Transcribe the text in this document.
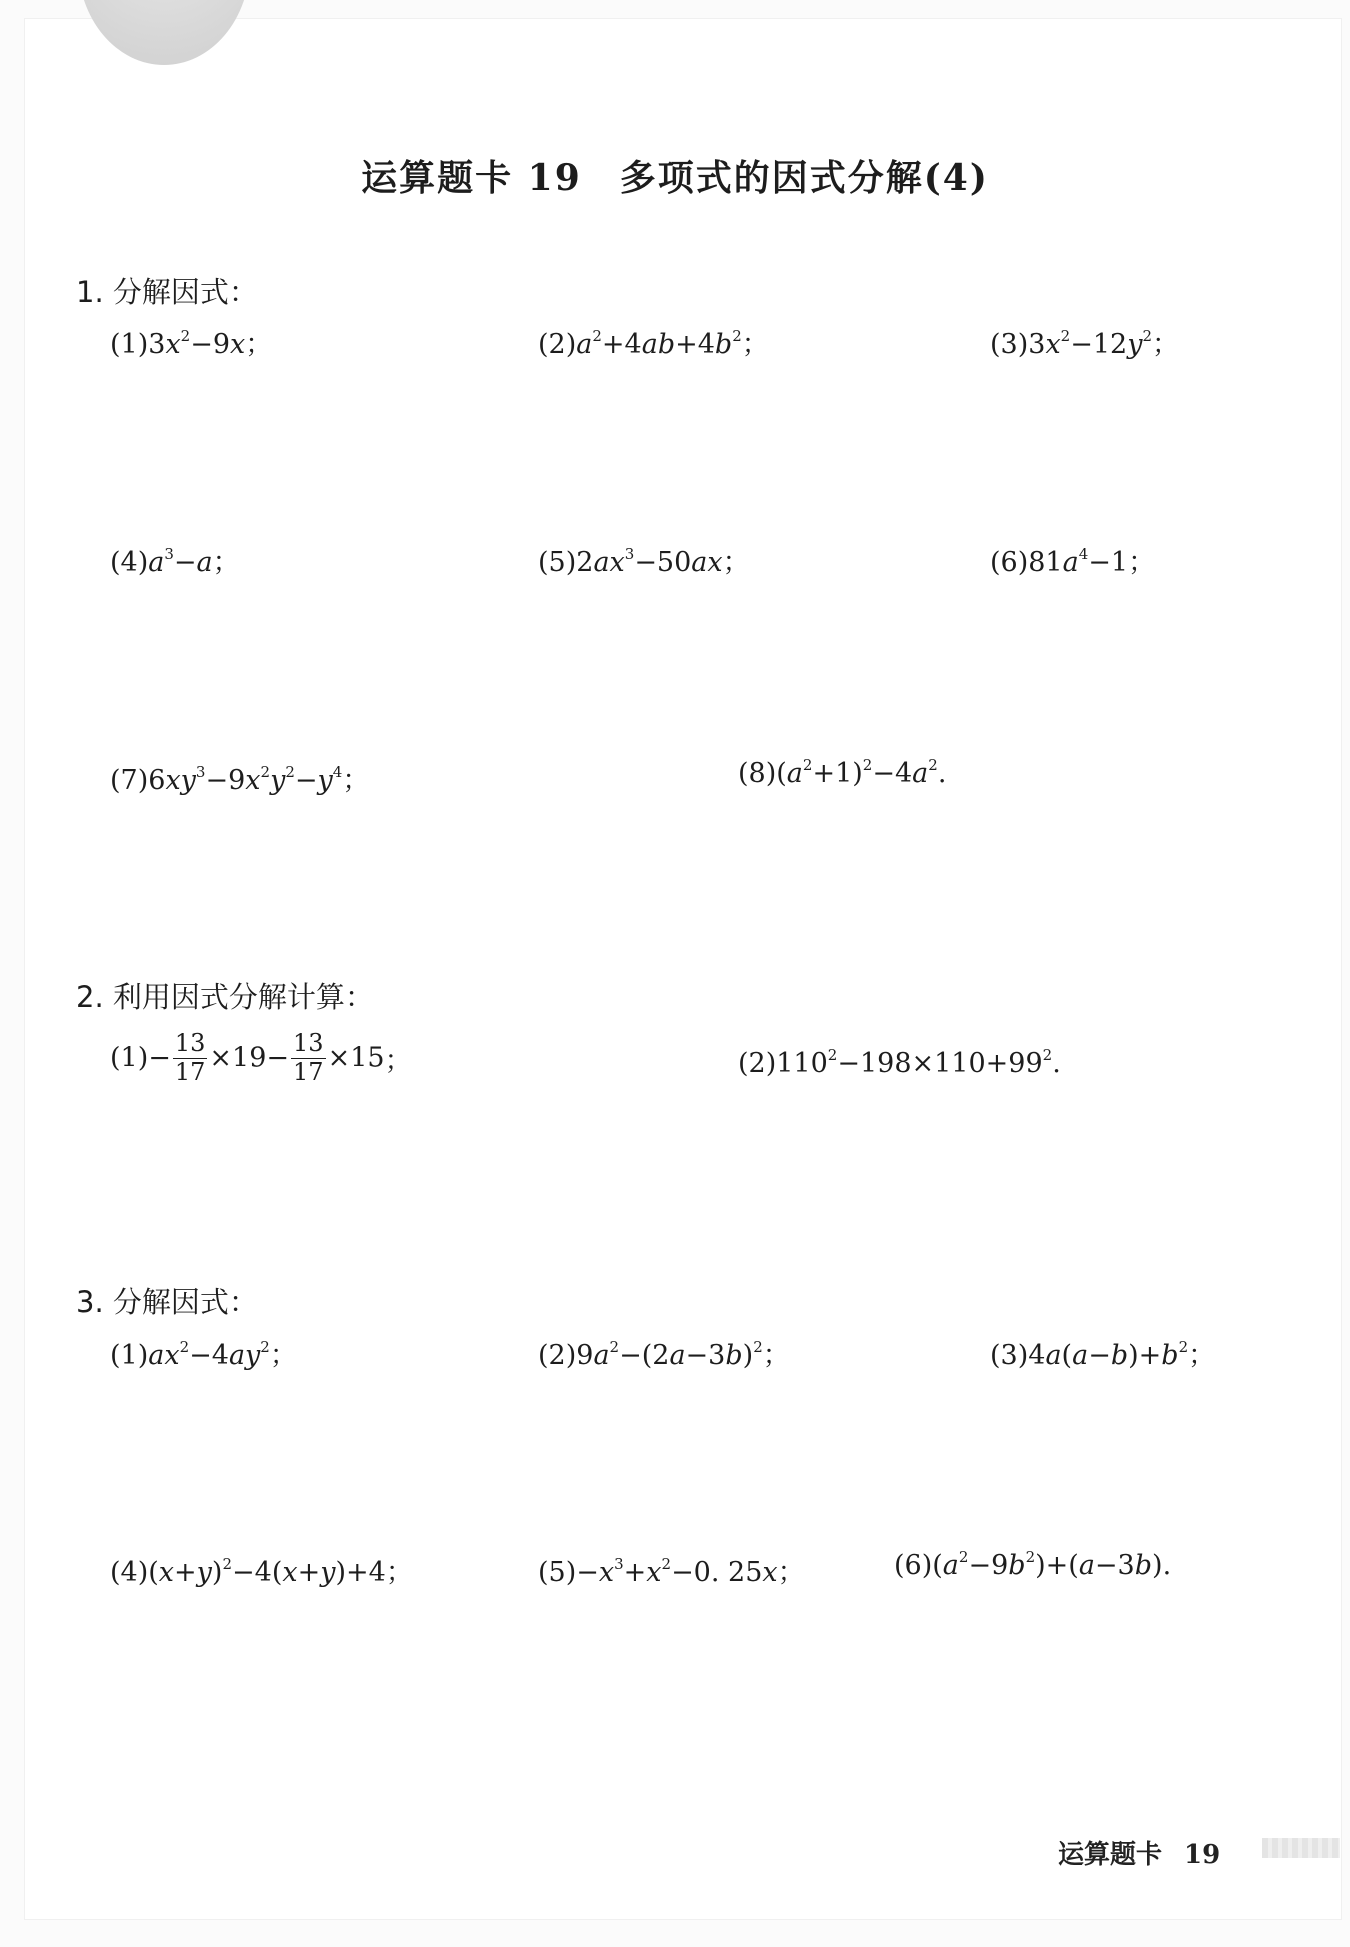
运算题卡 19　多项式的因式分解(4)
1. 分解因式：
$(1)3x^2-9x$；	$(2)a^2+4ab+4b^2$；	$(3)3x^2-12y^2$；
$(4)a^3-a$；	$(5)2ax^3-50ax$；	$(6)81a^4-1$；
$(7)6xy^3-9x^2y^2-y^4$；	$(8)(a^2+1)^2-4a^2$.
2. 利用因式分解计算：
$(1)- \frac{13}{17} \times 19- \frac{13}{17} \times 15$；	$(2)110^2-198\times 110+99^2$.
3. 分解因式：
$(1)ax^2-4ay^2$；	$(2)9a^2-(2a-3b)^2$；	$(3)4a(a-b)+b^2$；
$(4)(x+y)^2-4(x+y)+4$；	$(5)-x^3+x^2-0$. 25x；	$(6)(a^2-9b^2)+(a-3b)$.
运算题卡 19
